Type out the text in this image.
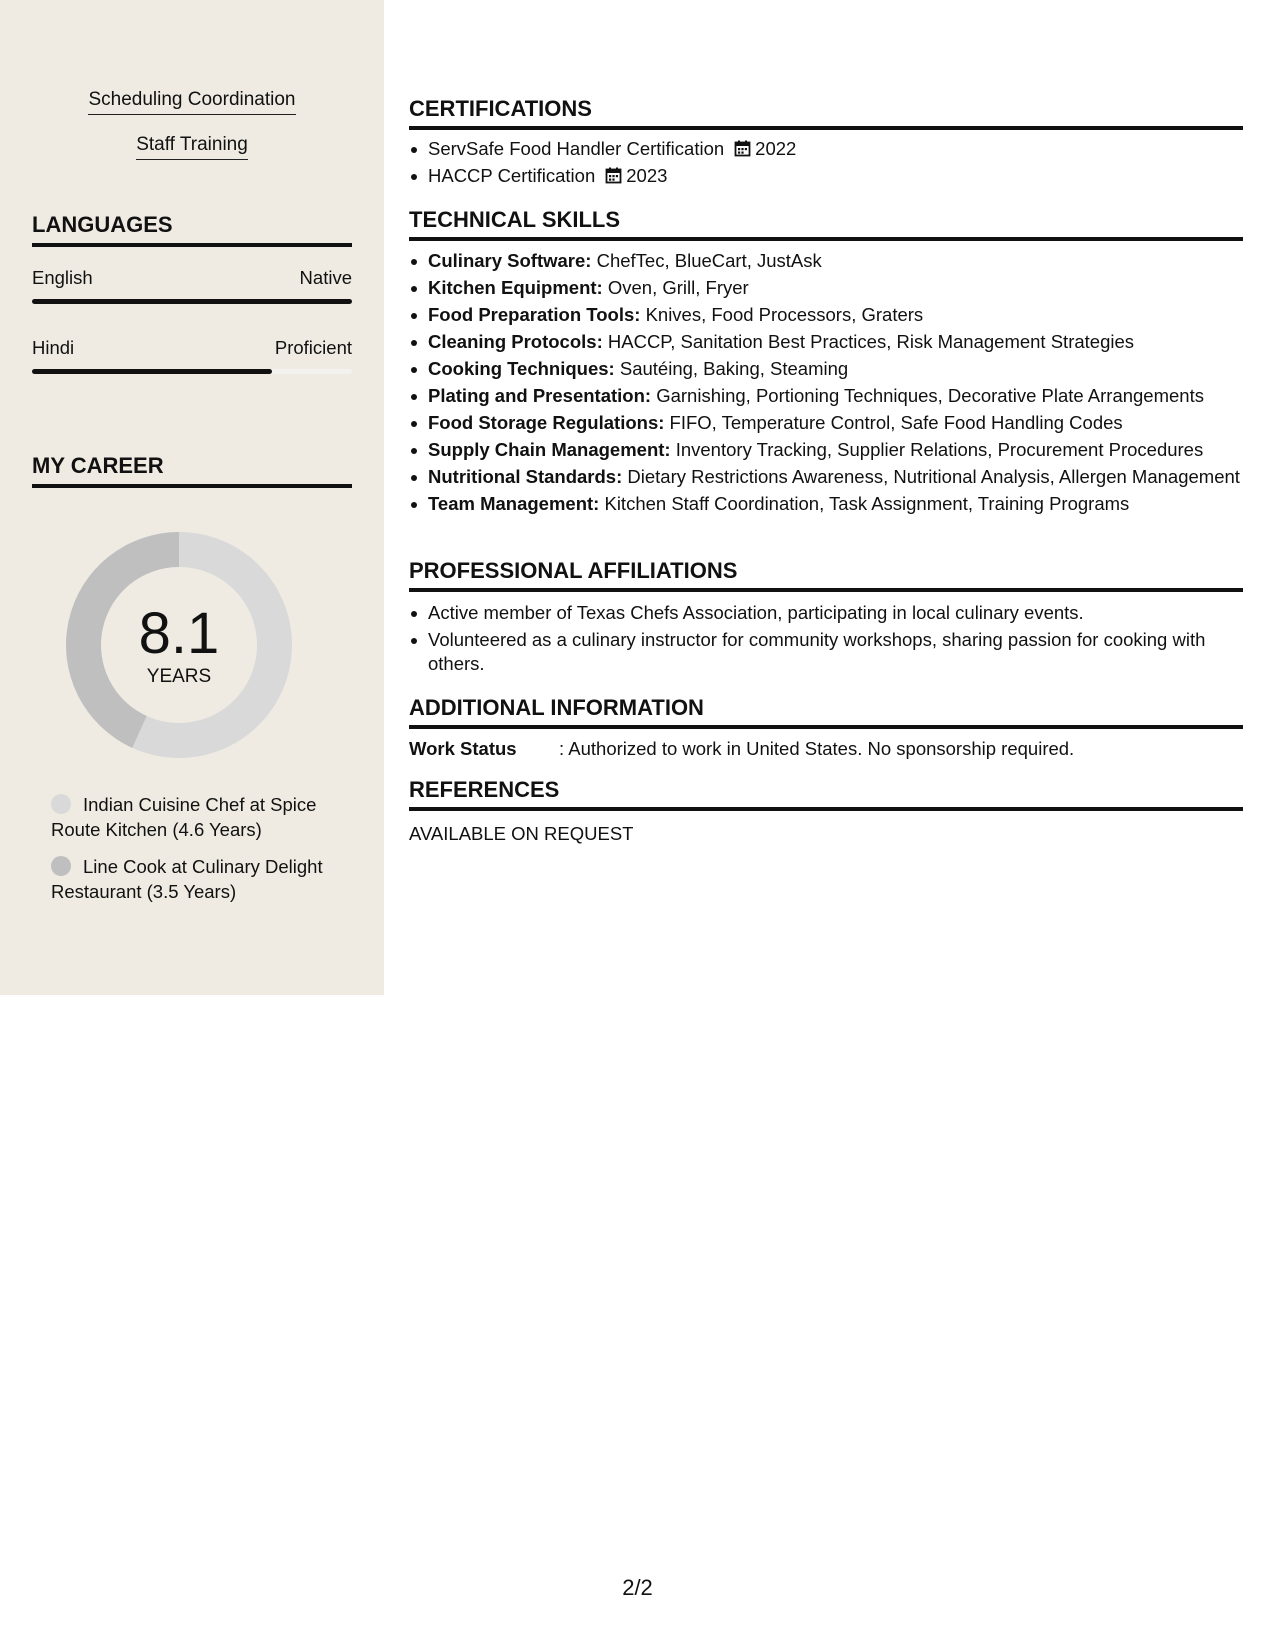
Scheduling Coordination
Staff Training
LANGUAGES
English	Native
Hindi	Proficient
MY CAREER
8.1
YEARS
Indian Cuisine Chef at Spice Route Kitchen (4.6 Years)
Line Cook at Culinary Delight Restaurant (3.5 Years)
CERTIFICATIONS
ServSafe Food Handler Certification 2022
HACCP Certification 2023
TECHNICAL SKILLS
Culinary Software: ChefTec, BlueCart, JustAsk
Kitchen Equipment: Oven, Grill, Fryer
Food Preparation Tools: Knives, Food Processors, Graters
Cleaning Protocols: HACCP, Sanitation Best Practices, Risk Management Strategies
Cooking Techniques: Sautéing, Baking, Steaming
Plating and Presentation: Garnishing, Portioning Techniques, Decorative Plate Arrangements
Food Storage Regulations: FIFO, Temperature Control, Safe Food Handling Codes
Supply Chain Management: Inventory Tracking, Supplier Relations, Procurement Procedures
Nutritional Standards: Dietary Restrictions Awareness, Nutritional Analysis, Allergen Management
Team Management: Kitchen Staff Coordination, Task Assignment, Training Programs
PROFESSIONAL AFFILIATIONS
Active member of Texas Chefs Association, participating in local culinary events.
Volunteered as a culinary instructor for community workshops, sharing passion for cooking with others.
ADDITIONAL INFORMATION
Work Status : Authorized to work in United States. No sponsorship required.
REFERENCES
AVAILABLE ON REQUEST
2/2
